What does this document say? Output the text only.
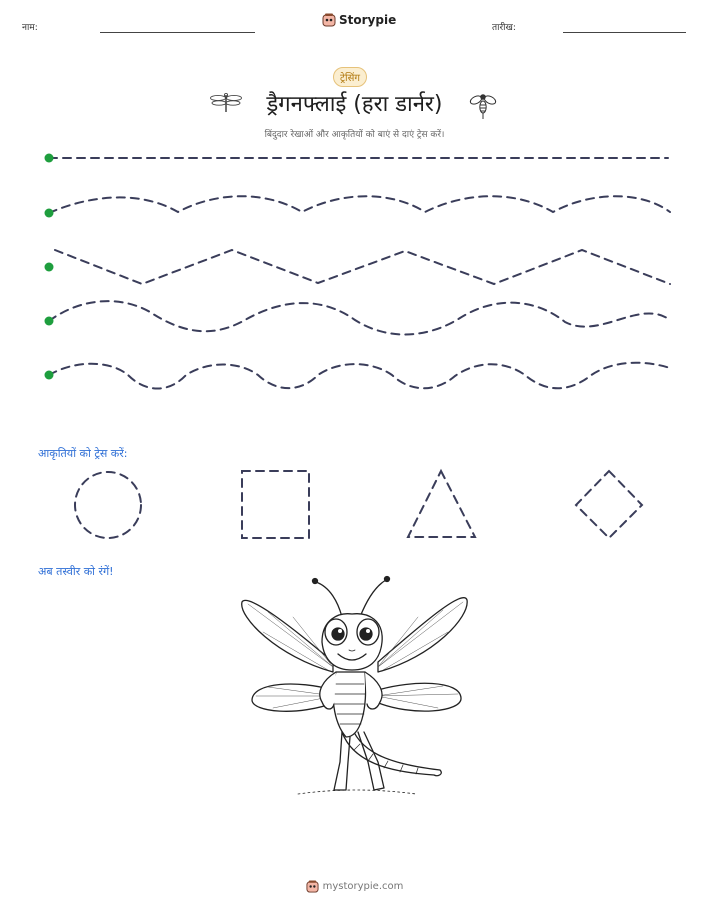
नाम:
Storypie
तारीख:
ट्रेसिंग
ड्रैगनफ्लाई (हरा डार्नर)
बिंदुदार रेखाओं और आकृतियों को बाएं से दाएं ट्रेस करें।
आकृतियों को ट्रेस करें:
अब तस्वीर को रंगें!
mystorypie.com
